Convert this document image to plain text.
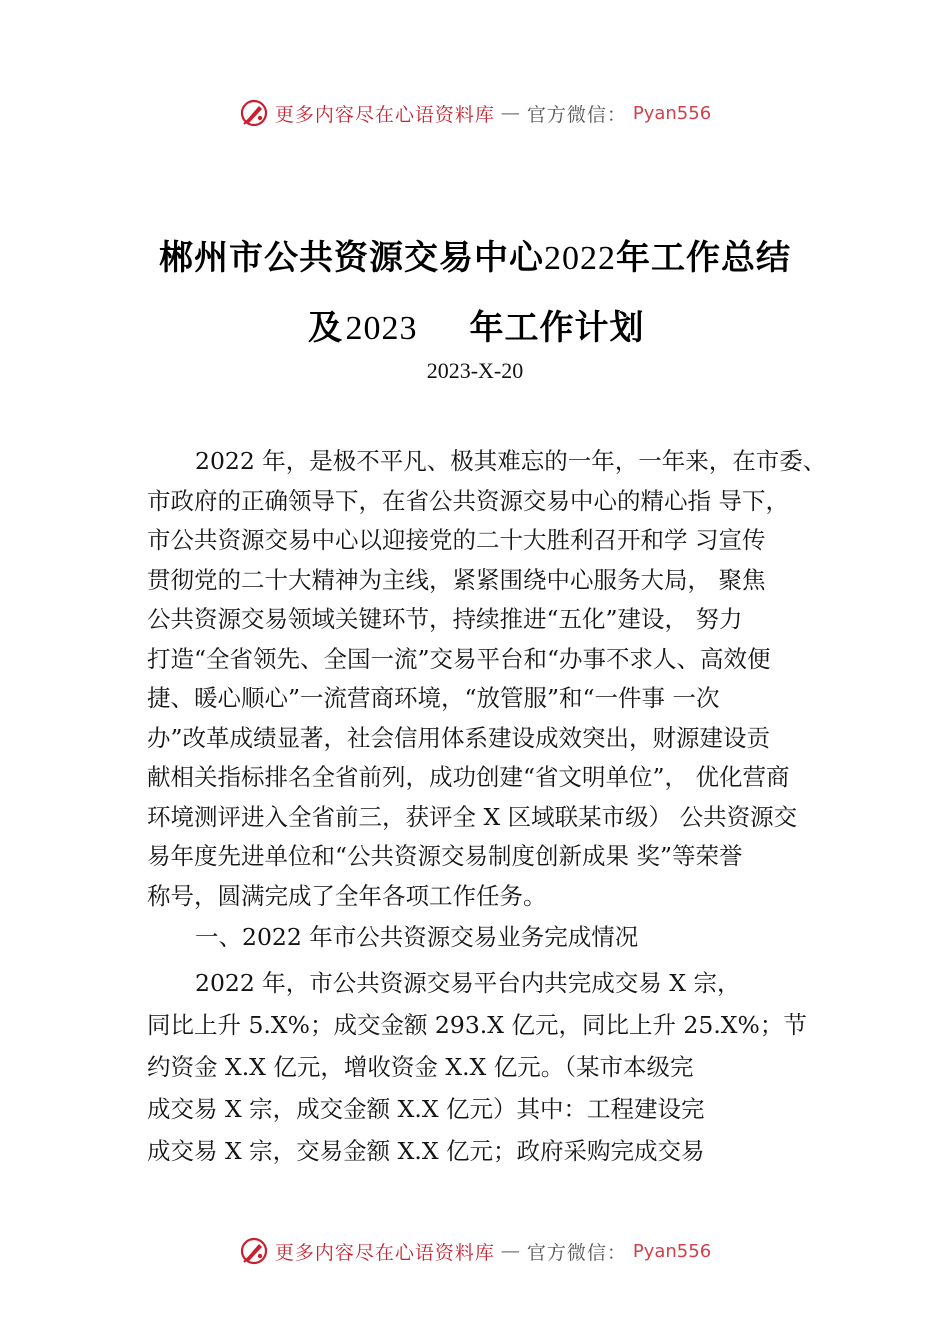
更多内容尽在心语资料库 — 官方微信： Pyan556
郴州市公共资源交易中心2022年工作总结
及2023 年工作计划
2023-X-20
2022 年，是极不平凡、极其难忘的一年，一年来，在市委、
市政府的正确领导下，在省公共资源交易中心的精心指 导下，
市公共资源交易中心以迎接党的二十大胜利召开和学 习宣传
贯彻党的二十大精神为主线，紧紧围绕中心服务大局， 聚焦
公共资源交易领域关键环节，持续推进“五化”建设， 努力
打造“全省领先、全国一流”交易平台和“办事不求人、高效便
捷、暖心顺心”一流营商环境，“放管服”和“一件事 一次
办”改革成绩显著，社会信用体系建设成效突出，财源建设贡
献相关指标排名全省前列，成功创建“省文明单位”， 优化营商
环境测评进入全省前三，获评全 X 区域联某市级） 公共资源交
易年度先进单位和“公共资源交易制度创新成果 奖”等荣誉
称号，圆满完成了全年各项工作任务。
一、2022 年市公共资源交易业务完成情况
2022 年，市公共资源交易平台内共完成交易 X 宗，
同比上升 5.X%；成交金额 293.X 亿元，同比上升 25.X%；节
约资金 X.X 亿元，增收资金 X.X 亿元。（某市本级完
成交易 X 宗，成交金额 X.X 亿元）其中：工程建设完
成交易 X 宗，交易金额 X.X 亿元；政府采购完成交易
更多内容尽在心语资料库 — 官方微信： Pyan556
